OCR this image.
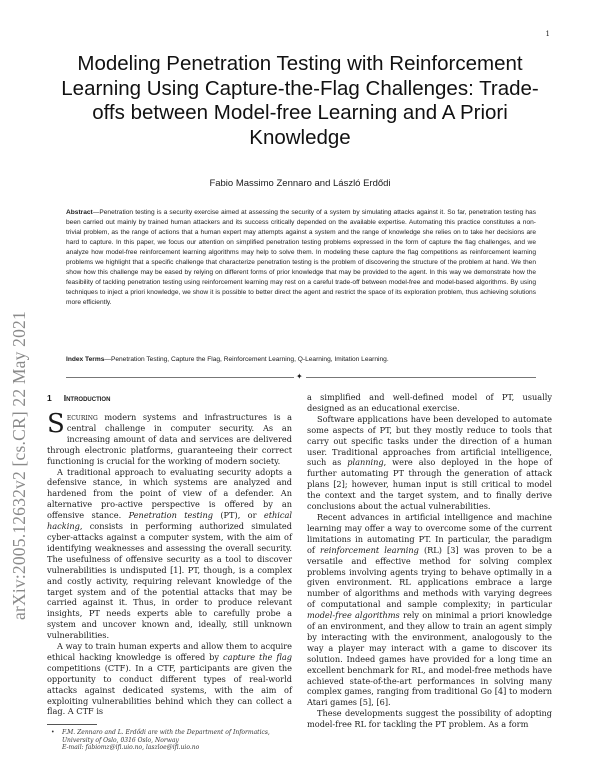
1
arXiv:2005.12632v2 [cs.CR] 22 May 2021
Modeling Penetration Testing with Reinforcement Learning Using Capture-the-Flag Challenges: Trade-offs between Model-free Learning and A Priori Knowledge
Fabio Massimo Zennaro and László Erdődi
Abstract—Penetration testing is a security exercise aimed at assessing the security of a system by simulating attacks against it. So far, penetration testing has been carried out mainly by trained human attackers and its success critically depended on the available expertise. Automating this practice constitutes a non-trivial problem, as the range of actions that a human expert may attempts against a system and the range of knowledge she relies on to take her decisions are hard to capture. In this paper, we focus our attention on simplified penetration testing problems expressed in the form of capture the flag challenges, and we analyze how model-free reinforcement learning algorithms may help to solve them. In modeling these capture the flag competitions as reinforcement learning problems we highlight that a specific challenge that characterize penetration testing is the problem of discovering the structure of the problem at hand. We then show how this challenge may be eased by relying on different forms of prior knowledge that may be provided to the agent. In this way we demonstrate how the feasibility of tackling penetration testing using reinforcement learning may rest on a careful trade-off between model-free and model-based algorithms. By using techniques to inject a priori knowledge, we show it is possible to better direct the agent and restrict the space of its exploration problem, thus achieving solutions more efficiently.
Index Terms—Penetration Testing, Capture the Flag, Reinforcement Learning, Q-Learning, Imitation Learning.
✦
1 Introduction

Securing modern systems and infrastructures is a central challenge in computer security. As an increasing amount of data and services are delivered through electronic platforms, guaranteeing their correct functioning is crucial for the working of modern society.

A traditional approach to evaluating security adopts a defensive stance, in which systems are analyzed and hardened from the point of view of a defender. An alternative pro-active perspective is offered by an offensive stance. Penetration testing (PT), or ethical hacking, consists in performing authorized simulated cyber-attacks against a computer system, with the aim of identifying weaknesses and assessing the overall security. The usefulness of offensive security as a tool to discover vulnerabilities is undisputed [1]. PT, though, is a complex and costly activity, requiring relevant knowledge of the target system and of the potential attacks that may be carried against it. Thus, in order to produce relevant insights, PT needs experts able to carefully probe a system and uncover known and, ideally, still unknown vulnerabilities.

A way to train human experts and allow them to acquire ethical hacking knowledge is offered by capture the flag competitions (CTF). In a CTF, participants are given the opportunity to conduct different types of real-world attacks against dedicated systems, with the aim of exploiting vulnerabilities behind which they can collect a flag. A CTF is

•	F.M. Zennaro and L. Erdődi are with the Department of Informatics, University of Oslo, 0316 Oslo, Norway
E-mail: fabiomz@ifi.uio.no, laszloe@ifi.uio.no

a simplified and well-defined model of PT, usually designed as an educational exercise.

Software applications have been developed to automate some aspects of PT, but they mostly reduce to tools that carry out specific tasks under the direction of a human user. Traditional approaches from artificial intelligence, such as planning, were also deployed in the hope of further automating PT through the generation of attack plans [2]; however, human input is still critical to model the context and the target system, and to finally derive conclusions about the actual vulnerabilities.

Recent advances in artificial intelligence and machine learning may offer a way to overcome some of the current limitations in automating PT. In particular, the paradigm of reinforcement learning (RL) [3] was proven to be a versatile and effective method for solving complex problems involving agents trying to behave optimally in a given environment. RL applications embrace a large number of algorithms and methods with varying degrees of computational and sample complexity; in particular model-free algorithms rely on minimal a priori knowledge of an environment, and they allow to train an agent simply by interacting with the environment, analogously to the way a player may interact with a game to discover its solution. Indeed games have provided for a long time an excellent benchmark for RL, and model-free methods have achieved state-of-the-art performances in solving many complex games, ranging from traditional Go [4] to modern Atari games [5], [6].

These developments suggest the possibility of adopting model-free RL for tackling the PT problem. As a form
